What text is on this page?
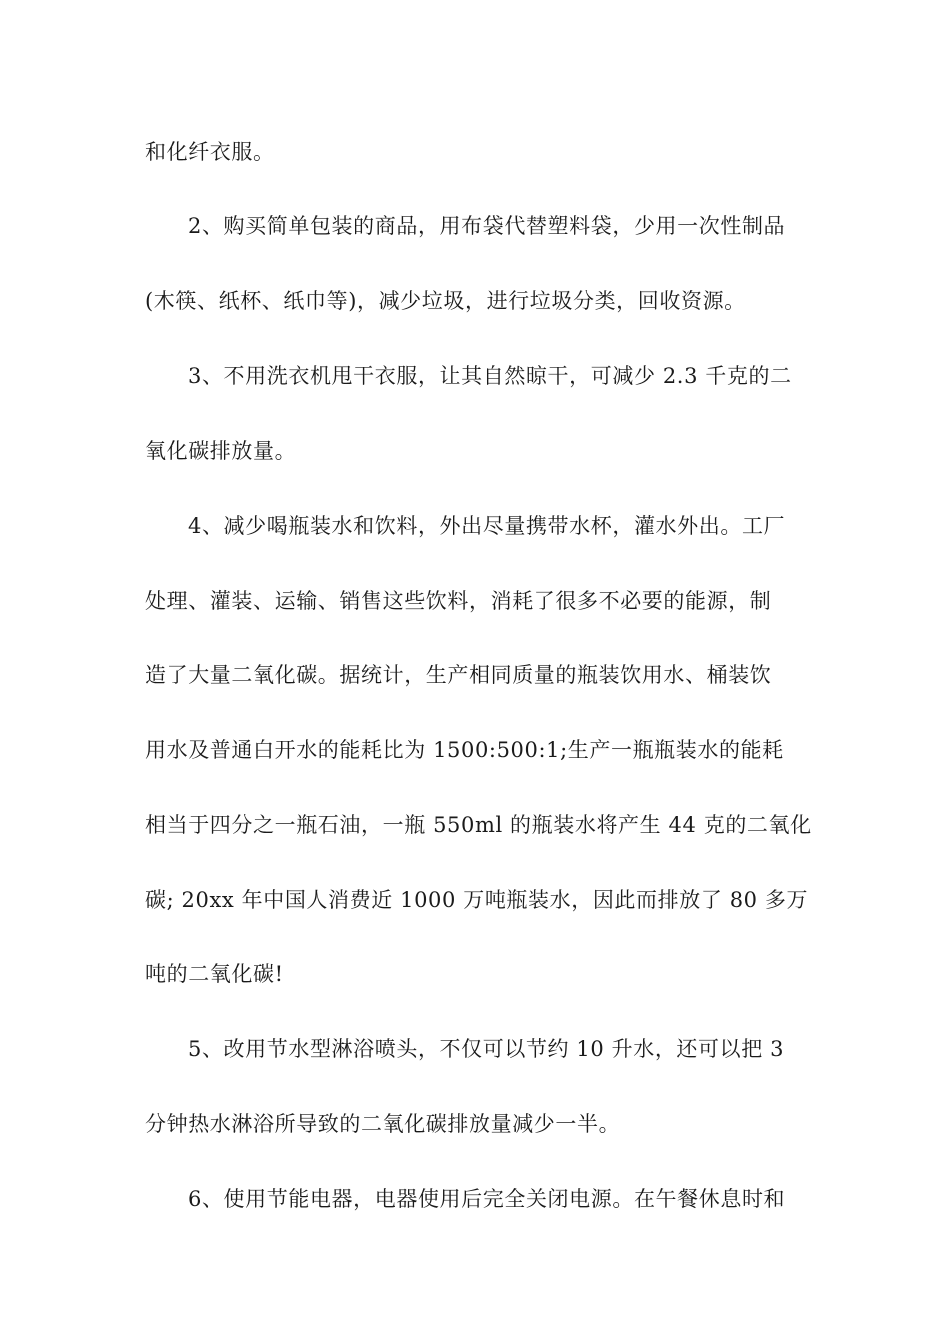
和化纤衣服。
2、购买简单包装的商品，用布袋代替塑料袋，少用一次性制品
(木筷、纸杯、纸巾等)，减少垃圾，进行垃圾分类，回收资源。
3、不用洗衣机甩干衣服，让其自然晾干，可减少 2.3 千克的二
氧化碳排放量。
4、减少喝瓶装水和饮料，外出尽量携带水杯，灌水外出。工厂
处理、灌装、运输、销售这些饮料，消耗了很多不必要的能源，制
造了大量二氧化碳。据统计，生产相同质量的瓶装饮用水、桶装饮
用水及普通白开水的能耗比为 1500:500:1;生产一瓶瓶装水的能耗
相当于四分之一瓶石油，一瓶 550ml 的瓶装水将产生 44 克的二氧化
碳; 20xx 年中国人消费近 1000 万吨瓶装水，因此而排放了 80 多万
吨的二氧化碳!
5、改用节水型淋浴喷头，不仅可以节约 10 升水，还可以把 3
分钟热水淋浴所导致的二氧化碳排放量减少一半。
6、使用节能电器，电器使用后完全关闭电源。在午餐休息时和
